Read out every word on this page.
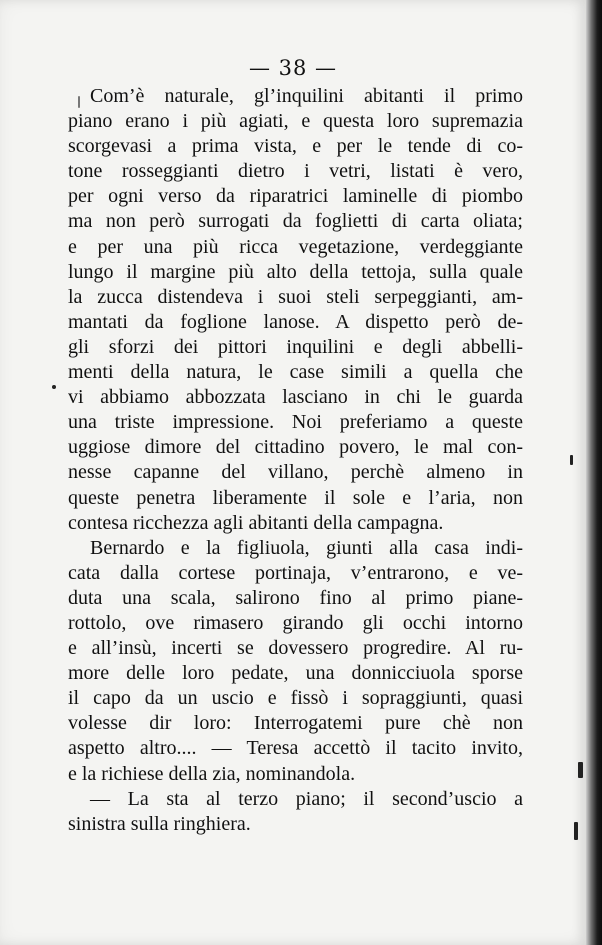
— 38 —
Com’è naturale, gl’inquilini abitanti il primo
piano erano i più agiati, e questa loro supremazia
scorgevasi a prima vista, e per le tende di co-
tone rosseggianti dietro i vetri, listati è vero,
per ogni verso da riparatrici laminelle di piombo
ma non però surrogati da foglietti di carta oliata;
e per una più ricca vegetazione, verdeggiante
lungo il margine più alto della tettoja, sulla quale
la zucca distendeva i suoi steli serpeggianti, am-
mantati da foglione lanose. A dispetto però de-
gli sforzi dei pittori inquilini e degli abbelli-
menti della natura, le case simili a quella che
vi abbiamo abbozzata lasciano in chi le guarda
una triste impressione. Noi preferiamo a queste
uggiose dimore del cittadino povero, le mal con-
nesse capanne del villano, perchè almeno in
queste penetra liberamente il sole e l’aria, non
contesa ricchezza agli abitanti della campagna.
Bernardo e la figliuola, giunti alla casa indi-
cata dalla cortese portinaja, v’entrarono, e ve-
duta una scala, salirono fino al primo piane-
rottolo, ove rimasero girando gli occhi intorno
e all’insù, incerti se dovessero progredire. Al ru-
more delle loro pedate, una donnicciuola sporse
il capo da un uscio e fissò i sopraggiunti, quasi
volesse dir loro: Interrogatemi pure chè non
aspetto altro.... — Teresa accettò il tacito invito,
e la richiese della zia, nominandola.
— La sta al terzo piano; il second’uscio a
sinistra sulla ringhiera.
